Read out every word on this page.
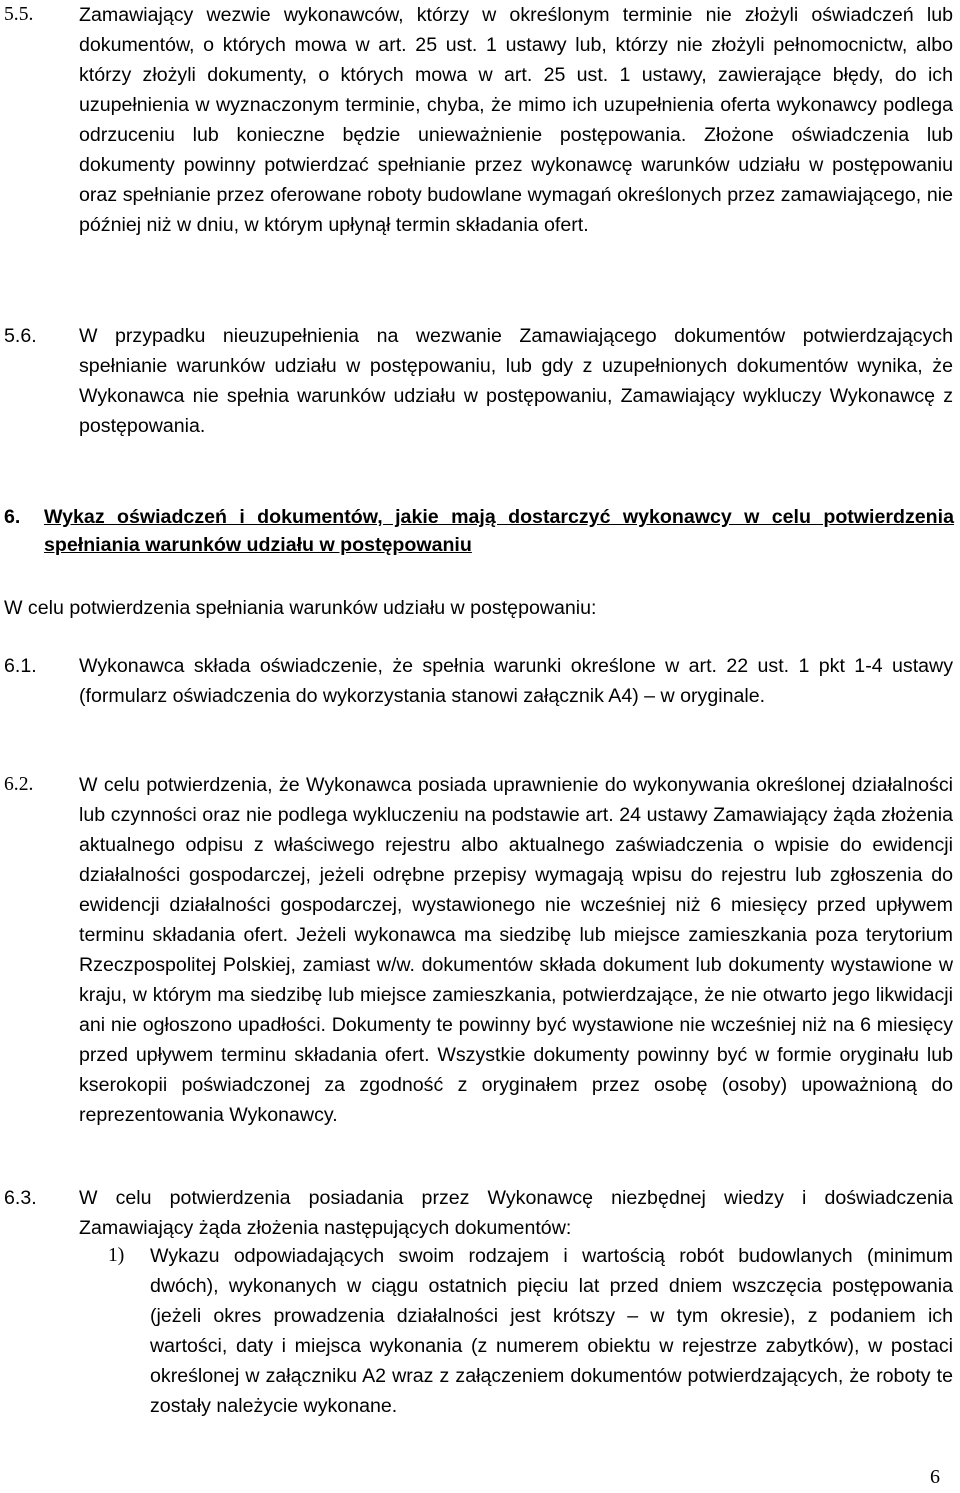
5.5. Zamawiający wezwie wykonawców, którzy w określonym terminie nie złożyli oświadczeń lub dokumentów, o których mowa w art. 25 ust. 1 ustawy lub, którzy nie złożyli pełnomocnictw, albo którzy złożyli dokumenty, o których mowa w art. 25 ust. 1 ustawy, zawierające błędy, do ich uzupełnienia w wyznaczonym terminie, chyba, że mimo ich uzupełnienia oferta wykonawcy podlega odrzuceniu lub konieczne będzie unieważnienie postępowania. Złożone oświadczenia lub dokumenty powinny potwierdzać spełnianie przez wykonawcę warunków udziału w postępowaniu oraz spełnianie przez oferowane roboty budowlane wymagań określonych przez zamawiającego, nie później niż w dniu, w którym upłynął termin składania ofert.
5.6. W przypadku nieuzupełnienia na wezwanie Zamawiającego dokumentów potwierdzających spełnianie warunków udziału w postępowaniu, lub gdy z uzupełnionych dokumentów wynika, że Wykonawca nie spełnia warunków udziału w postępowaniu, Zamawiający wykluczy Wykonawcę z postępowania.
6. Wykaz oświadczeń i dokumentów, jakie mają dostarczyć wykonawcy w celu potwierdzenia spełniania warunków udziału w postępowaniu
W celu potwierdzenia spełniania warunków udziału w postępowaniu:
6.1. Wykonawca składa oświadczenie, że spełnia warunki określone w art. 22 ust. 1 pkt 1-4 ustawy (formularz oświadczenia do wykorzystania stanowi załącznik A4) – w oryginale.
6.2. W celu potwierdzenia, że Wykonawca posiada uprawnienie do wykonywania określonej działalności lub czynności oraz nie podlega wykluczeniu na podstawie art. 24 ustawy Zamawiający żąda złożenia aktualnego odpisu z właściwego rejestru albo aktualnego zaświadczenia o wpisie do ewidencji działalności gospodarczej, jeżeli odrębne przepisy wymagają wpisu do rejestru lub zgłoszenia do ewidencji działalności gospodarczej, wystawionego nie wcześniej niż 6 miesięcy przed upływem terminu składania ofert. Jeżeli wykonawca ma siedzibę lub miejsce zamieszkania poza terytorium Rzeczpospolitej Polskiej, zamiast w/w. dokumentów składa dokument lub dokumenty wystawione w kraju, w którym ma siedzibę lub miejsce zamieszkania, potwierdzające, że nie otwarto jego likwidacji ani nie ogłoszono upadłości. Dokumenty te powinny być wystawione nie wcześniej niż na 6 miesięcy przed upływem terminu składania ofert. Wszystkie dokumenty powinny być w formie oryginału lub kserokopii poświadczonej za zgodność z oryginałem przez osobę (osoby) upoważnioną do reprezentowania Wykonawcy.
6.3. W celu potwierdzenia posiadania przez Wykonawcę niezbędnej wiedzy i doświadczenia Zamawiający żąda złożenia następujących dokumentów:
1) Wykazu odpowiadających swoim rodzajem i wartością robót budowlanych (minimum dwóch), wykonanych w ciągu ostatnich pięciu lat przed dniem wszczęcia postępowania (jeżeli okres prowadzenia działalności jest krótszy – w tym okresie), z podaniem ich wartości, daty i miejsca wykonania (z numerem obiektu w rejestrze zabytków), w postaci określonej w załączniku A2 wraz z załączeniem dokumentów potwierdzających, że roboty te zostały należycie wykonane.
6
